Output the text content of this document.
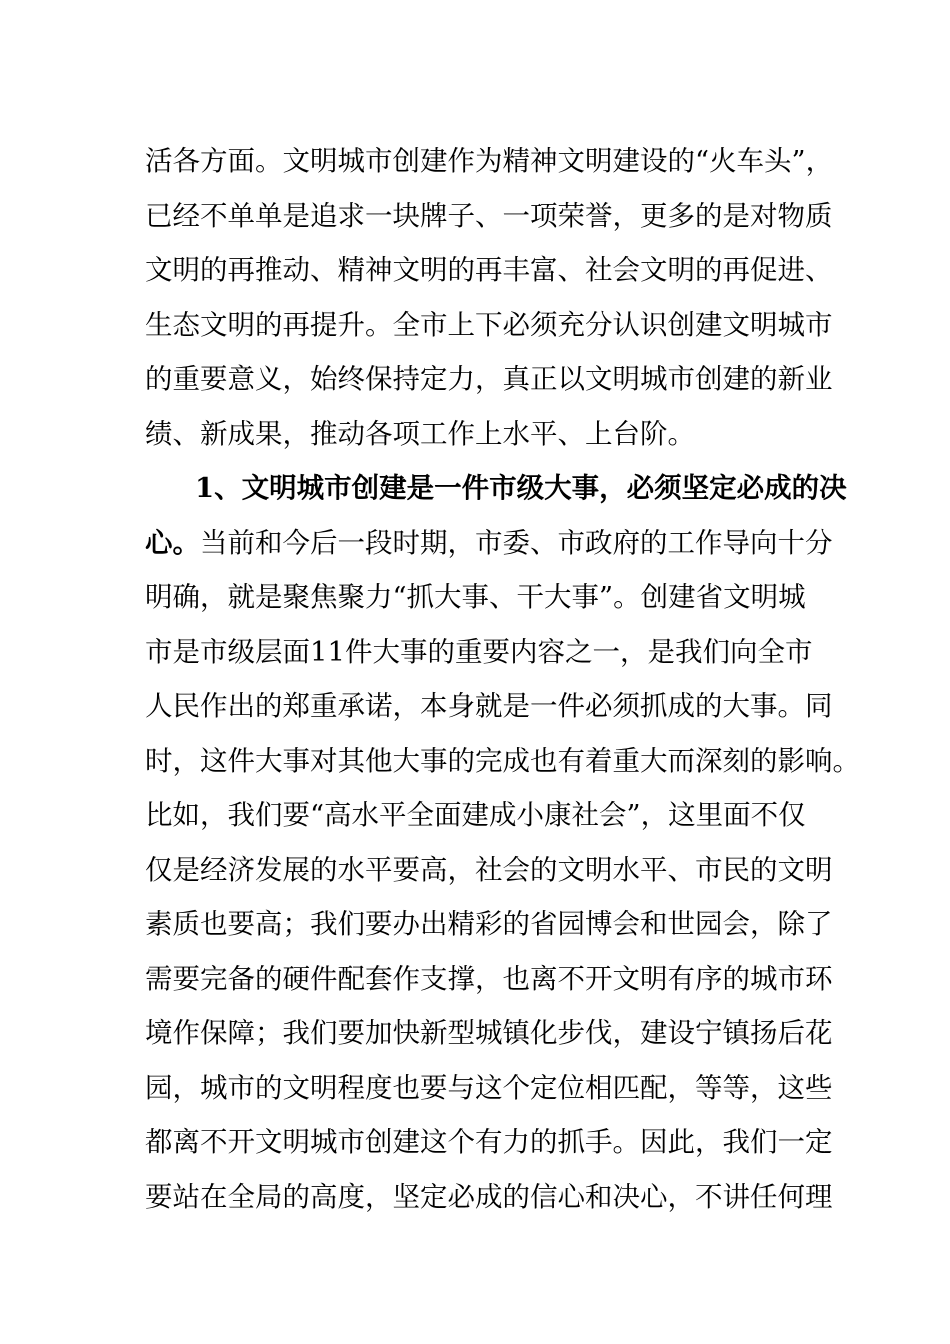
活各方面。文明城市创建作为精神文明建设的“火车头”，
已经不单单是追求一块牌子、一项荣誉，更多的是对物质
文明的再推动、精神文明的再丰富、社会文明的再促进、
生态文明的再提升。全市上下必须充分认识创建文明城市
的重要意义，始终保持定力，真正以文明城市创建的新业
绩、新成果，推动各项工作上水平、上台阶。
1、文明城市创建是一件市级大事，必须坚定必成的决
心。当前和今后一段时期，市委、市政府的工作导向十分
明确，就是聚焦聚力“抓大事、干大事”。创建省文明城
市是市级层面11件大事的重要内容之一，是我们向全市
人民作出的郑重承诺，本身就是一件必须抓成的大事。同
时，这件大事对其他大事的完成也有着重大而深刻的影响。
比如，我们要“高水平全面建成小康社会”，这里面不仅
仅是经济发展的水平要高，社会的文明水平、市民的文明
素质也要高；我们要办出精彩的省园博会和世园会，除了
需要完备的硬件配套作支撑，也离不开文明有序的城市环
境作保障；我们要加快新型城镇化步伐，建设宁镇扬后花
园，城市的文明程度也要与这个定位相匹配，等等，这些
都离不开文明城市创建这个有力的抓手。因此，我们一定
要站在全局的高度，坚定必成的信心和决心，不讲任何理
